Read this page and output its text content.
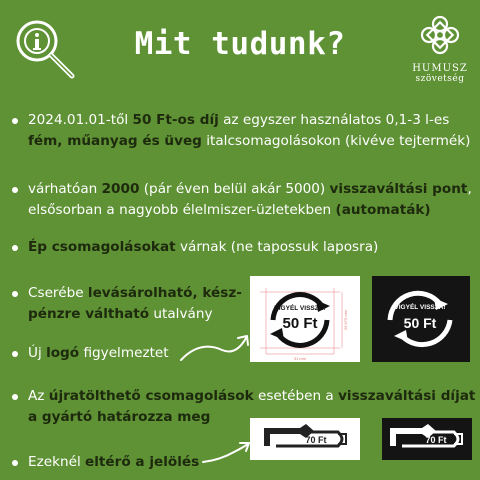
Mit tudunk?
HUMUSZ
szövetség
2024.01.01-től 50 Ft-os díj az egyszer használatos 0,1-3 l-es fém, műanyag és üveg italcsomagolásokon (kivéve tejtermék)
várhatóan 2000 (pár éven belül akár 5000) visszaváltási pont, elsősorban a nagyobb élelmiszer-üzletekben (automaták)
Ép csomagolásokat várnak (ne tapossuk laposra)
Cserébe levásárolható, kész-pénzre váltható utalvány
Új logó figyelmeztet
Az újratölthető csomagolások esetében a visszaváltási díjat a gyártó határozza meg
Ezeknél eltérő a jelölés
VIGYÉL VISSZA!
50 Ft
31 mm
26,975 mm
VIGYÉL VISSZA!
50 Ft
70 Ft	70 Ft
